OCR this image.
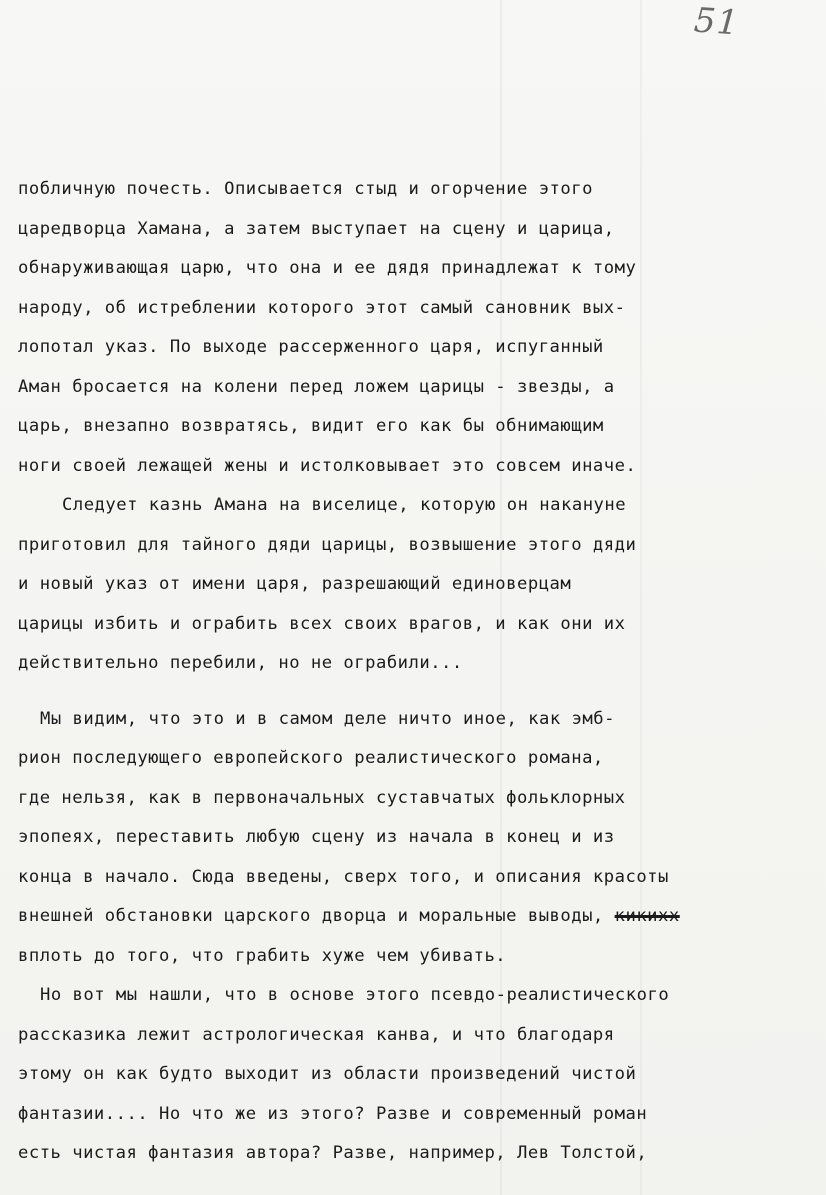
51
побличную почесть. Описывается стыд и огорчение этого
царедворца Хамана, а затем выступает на сцену и царица,
обнаруживающая царю, что она и ее дядя принадлежат к тому
народу, об истреблении которого этот самый сановник вых-
лопотал указ. По выходе рассерженного царя, испуганный
Аман бросается на колени перед ложем царицы - звезды, а
царь, внезапно возвратясь, видит его как бы обнимающим
ноги своей лежащей жены и истолковывает это совсем иначе.
Следует казнь Амана на виселице, которую он накануне
приготовил для тайного дяди царицы, возвышение этого дяди
и новый указ от имени царя, разрешающий единоверцам
царицы избить и ограбить всех своих врагов, и как они их
действительно перебили, но не ограбили...
Мы видим, что это и в самом деле ничто иное, как эмб-
рион последующего европейского реалистического романа,
где нельзя, как в первоначальных суставчатых фольклорных
эпопеях, переставить любую сцену из начала в конец и из
конца в начало. Сюда введены, сверх того, и описания красоты
внешней обстановки царского дворца и моральные выводы, кикихх
вплоть до того, что грабить хуже чем убивать.
Но вот мы нашли, что в основе этого псевдо-реалистического
рассказика лежит астрологическая канва, и что благодаря
этому он как будто выходит из области произведений чистой
фантазии.... Но что же из этого? Разве и современный роман
есть чистая фантазия автора? Разве, например, Лев Толстой,
